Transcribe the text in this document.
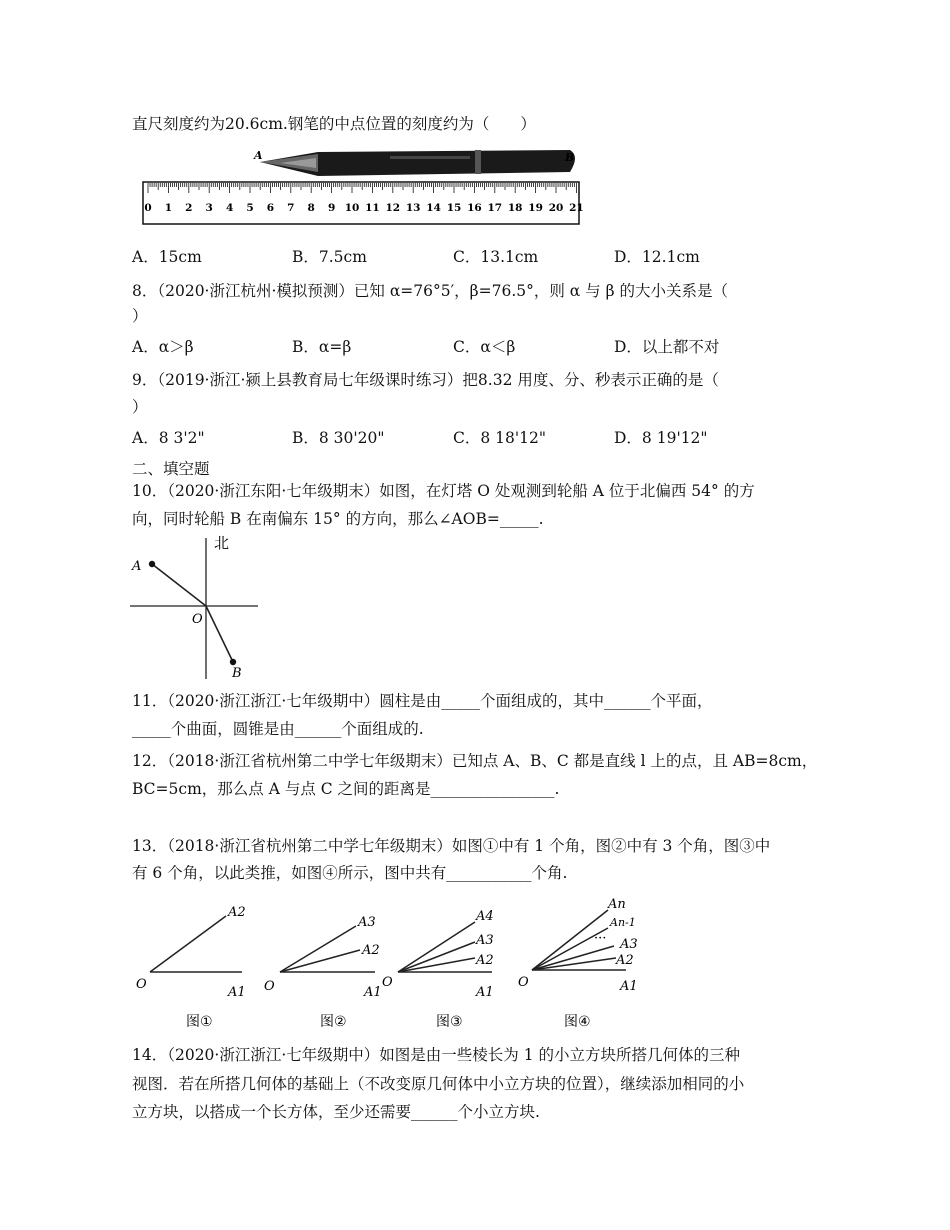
直尺刻度约为20.6cm.钢笔的中点位置的刻度约为（　　）
A	B
0 1 2 3 4 5 6 7 8 9 10 11 12 13 14 15 16 17 18 19 20 21
A．15cm	B．7.5cm	C．13.1cm	D．12.1cm
8．（2020·浙江杭州·模拟预测）已知 α=76°5′，β=76.5°，则 α 与 β 的大小关系是（
）
A．α＞β	B．α=β	C．α＜β	D．以上都不对
9．（2019·浙江·颍上县教育局七年级课时练习）把8.32 用度、分、秒表示正确的是（
）
A．8 3'2"	B．8 30'20"	C．8 18'12"	D．8 19'12"
二、填空题
10．（2020·浙江东阳·七年级期末）如图，在灯塔 O 处观测到轮船 A 位于北偏西 54° 的方
向，同时轮船 B 在南偏东 15° 的方向，那么∠AOB=_____.
北
A
O
B
11．（2020·浙江浙江·七年级期中）圆柱是由_____个面组成的，其中______个平面，
_____个曲面，圆锥是由______个面组成的.
12．（2018·浙江省杭州第二中学七年级期末）已知点 A、B、C 都是直线 l 上的点，且 AB=8cm，
BC=5cm，那么点 A 与点 C 之间的距离是________________.
13．（2018·浙江省杭州第二中学七年级期末）如图①中有 1 个角，图②中有 3 个角，图③中
有 6 个角，以此类推，如图④所示，图中共有___________个角.
O
A2
A1
图①
O
A3
A2
A1
图②
O
A4
A3
A2
A1
图③
O
An
An-1
··· A3
A2
A1
图④
14．（2020·浙江浙江·七年级期中）如图是由一些棱长为 1 的小立方块所搭几何体的三种
视图．若在所搭几何体的基础上（不改变原几何体中小立方块的位置），继续添加相同的小
立方块，以搭成一个长方体，至少还需要______个小立方块.
